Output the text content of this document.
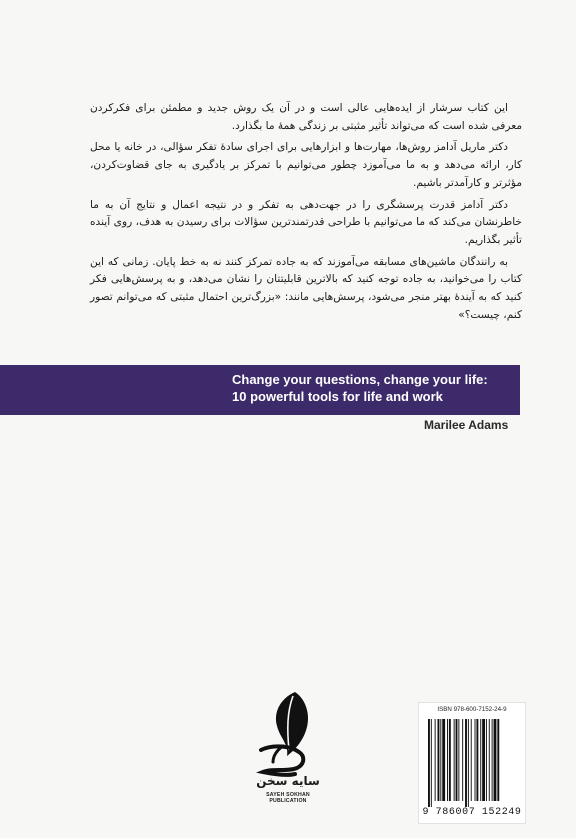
این کتاب سرشار از ایده‌هایی عالی است و در آن یک روش جدید و مطمئن برای فکرکردن معرفی شده است که می‌تواند تأثیر مثبتی بر زندگی همهٔ ما بگذارد.

دکتر ماریل آدامز روش‌ها، مهارت‌ها و ابزارهایی برای اجرای سادهٔ تفکر سؤالی، در خانه یا محل کار، ارائه می‌دهد و به ما می‌آموزد چطور می‌توانیم با تمرکز بر یادگیری به جای قضاوت‌کردن، مؤثرتر و کارآمدتر باشیم.

دکتر آدامز قدرت پرسشگری را در جهت‌دهی به تفکر و در نتیجه اعمال و نتایج آن به ما خاطرنشان می‌کند که ما می‌توانیم با طراحی قدرتمندترین سؤالات برای رسیدن به هدف، روی آینده تأثیر بگذاریم.

به رانندگان ماشین‌های مسابقه می‌آموزند که به جاده تمرکز کنند نه به خط پایان. زمانی که این کتاب را می‌خوانید، به جاده توجه کنید که بالاترین قابلیتتان را نشان می‌دهد، و به پرسش‌هایی فکر کنید که به آیندهٔ بهتر منجر می‌شود، پرسش‌هایی مانند: «بزرگ‌ترین احتمال مثبتی که می‌توانم تصور کنم، چیست؟»

Change your questions, change your life:
10 powerful tools for life and work
Marilee Adams
سایه سخن
SAYEH SOKHAN
PUBLICATION
ISBN 978-600-7152-24-9
9 786007 152249
